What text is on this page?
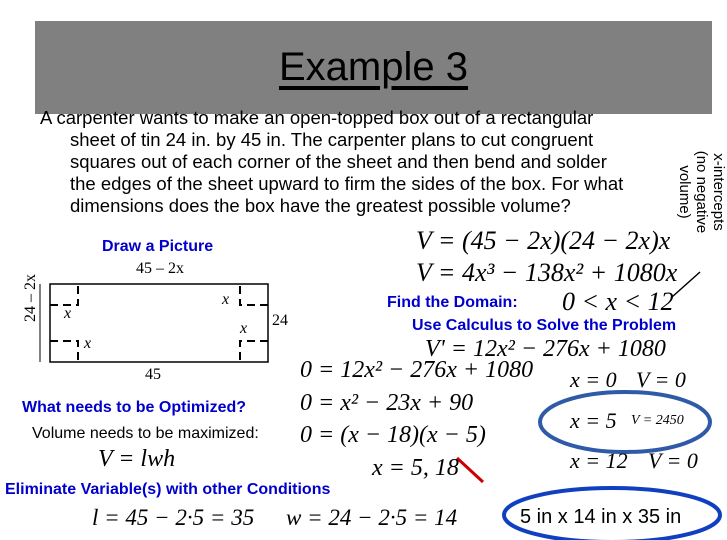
Example 3
A carpenter wants to make an open-topped box out of a rectangular
sheet of tin 24 in. by 45 in. The carpenter plans to cut congruent
squares out of each corner of the sheet and then bend and solder
the edges of the sheet upward to firm the sides of the box. For what
dimensions does the box have the greatest possible volume?	x-intercepts
(no negative volume)
Draw a Picture
45 – 2x
24 – 2x
45
24
x
x
x
x
V = (45 − 2x)(24 − 2x)x
V = 4x³ − 138x² + 1080x
Find the Domain: 0 < x < 12
Use Calculus to Solve the Problem
V' = 12x² − 276x + 1080
0 = 12x² − 276x + 1080
0 = x² − 23x + 90
0 = (x − 18)(x − 5)
x = 5, 18
x = 0 V = 0
x = 5 V = 2450
x = 12 V = 0
What needs to be Optimized?
Volume needs to be maximized:
V = lwh
Eliminate Variable(s) with other Conditions
l = 45 − 2·5 = 35 w = 24 − 2·5 = 14	5 in x 14 in x 35 in
